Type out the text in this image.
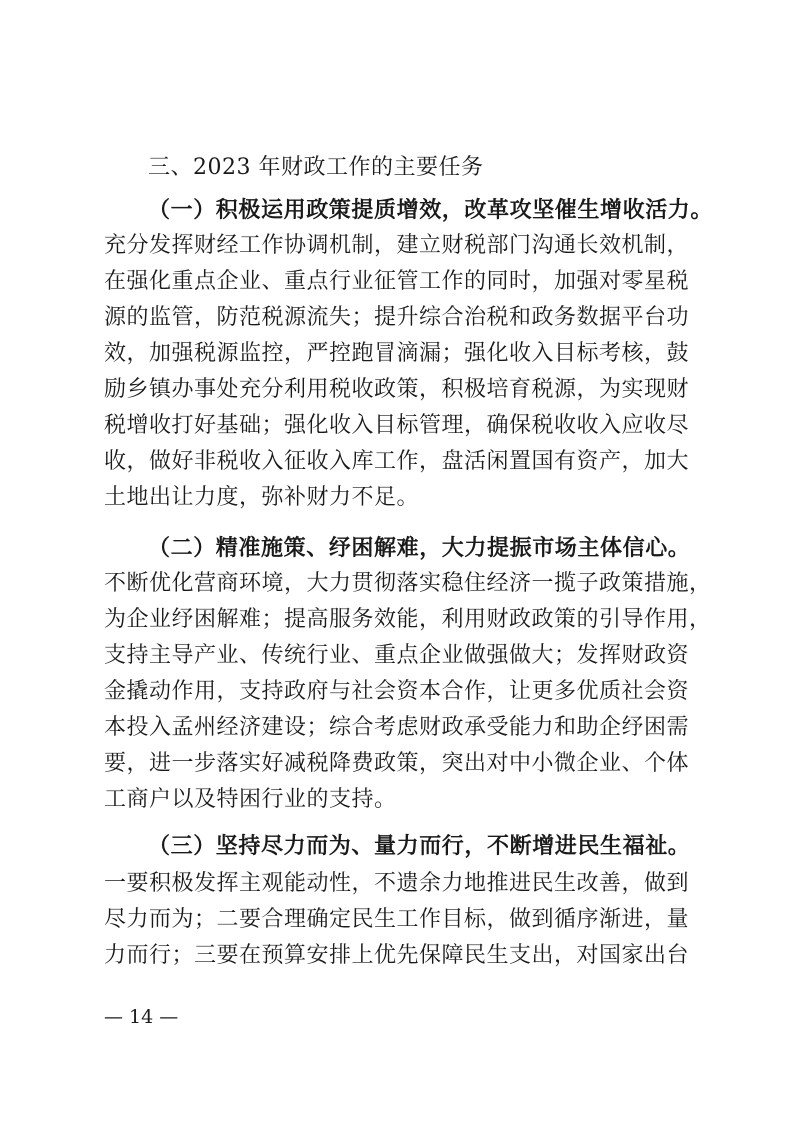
三、2023 年财政工作的主要任务
（一）积极运用政策提质增效，改革攻坚催生增收活力。
充分发挥财经工作协调机制，建立财税部门沟通长效机制，
在强化重点企业、重点行业征管工作的同时，加强对零星税
源的监管，防范税源流失；提升综合治税和政务数据平台功
效，加强税源监控，严控跑冒滴漏；强化收入目标考核，鼓
励乡镇办事处充分利用税收政策，积极培育税源，为实现财
税增收打好基础；强化收入目标管理，确保税收收入应收尽
收，做好非税收入征收入库工作，盘活闲置国有资产，加大
土地出让力度，弥补财力不足。
（二）精准施策、纾困解难，大力提振市场主体信心。
不断优化营商环境，大力贯彻落实稳住经济一揽子政策措施，
为企业纾困解难；提高服务效能，利用财政政策的引导作用，
支持主导产业、传统行业、重点企业做强做大；发挥财政资
金撬动作用，支持政府与社会资本合作，让更多优质社会资
本投入孟州经济建设；综合考虑财政承受能力和助企纾困需
要，进一步落实好减税降费政策，突出对中小微企业、个体
工商户以及特困行业的支持。
（三）坚持尽力而为、量力而行，不断增进民生福祉。
一要积极发挥主观能动性，不遗余力地推进民生改善，做到
尽力而为；二要合理确定民生工作目标，做到循序渐进，量
力而行；三要在预算安排上优先保障民生支出，对国家出台
— 14 —
